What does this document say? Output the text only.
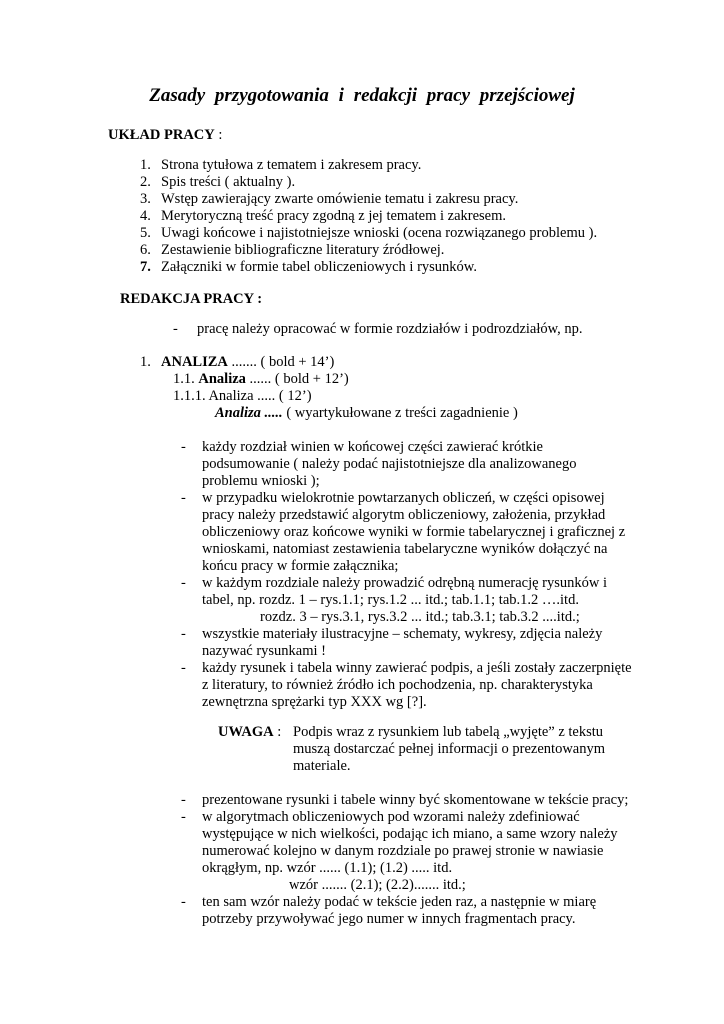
Zasady przygotowania i redakcji pracy przejściowej
UKŁAD PRACY :
1. Strona tytułowa z tematem i zakresem pracy.
2. Spis treści ( aktualny ).
3. Wstęp zawierający zwarte omówienie tematu i zakresu pracy.
4. Merytoryczną treść pracy zgodną z jej tematem i zakresem.
5. Uwagi końcowe i najistotniejsze wnioski (ocena rozwiązanego problemu ).
6. Zestawienie bibliograficzne literatury źródłowej.
7. Załączniki w formie tabel obliczeniowych i rysunków.
REDAKCJA PRACY :
- pracę należy opracować w formie rozdziałów i podrozdziałów, np.
1. ANALIZA ....... ( bold + 14’)
1.1. Analiza ...... ( bold + 12’)
1.1.1. Analiza ..... ( 12’)
Analiza ..... ( wyartykułowane z treści zagadnienie )
-	każdy rozdział winien w końcowej części zawierać krótkie
podsumowanie ( należy podać najistotniejsze dla analizowanego
problemu wnioski );
-	w przypadku wielokrotnie powtarzanych obliczeń, w części opisowej
pracy należy przedstawić algorytm obliczeniowy, założenia, przykład
obliczeniowy oraz końcowe wyniki w formie tabelarycznej i graficznej z
wnioskami, natomiast zestawienia tabelaryczne wyników dołączyć na
końcu pracy w formie załącznika;
-	w każdym rozdziale należy prowadzić odrębną numerację rysunków i
tabel, np. rozdz. 1 – rys.1.1; rys.1.2 ... itd.; tab.1.1; tab.1.2 ….itd.
rozdz. 3 – rys.3.1, rys.3.2 ... itd.; tab.3.1; tab.3.2 ....itd.;
-	wszystkie materiały ilustracyjne – schematy, wykresy, zdjęcia należy
nazywać rysunkami !
-	każdy rysunek i tabela winny zawierać podpis, a jeśli zostały zaczerpnięte
z literatury, to również źródło ich pochodzenia, np. charakterystyka
zewnętrzna sprężarki typ XXX wg [?].
UWAGA : Podpis wraz z rysunkiem lub tabelą „wyjęte” z tekstu
muszą dostarczać pełnej informacji o prezentowanym
materiale.
-	prezentowane rysunki i tabele winny być skomentowane w tekście pracy;
-	w algorytmach obliczeniowych pod wzorami należy zdefiniować
występujące w nich wielkości, podając ich miano, a same wzory należy
numerować kolejno w danym rozdziale po prawej stronie w nawiasie
okrągłym, np. wzór ...... (1.1); (1.2) ..... itd.
wzór ....... (2.1); (2.2)....... itd.;
-	ten sam wzór należy podać w tekście jeden raz, a następnie w miarę
potrzeby przywoływać jego numer w innych fragmentach pracy.
